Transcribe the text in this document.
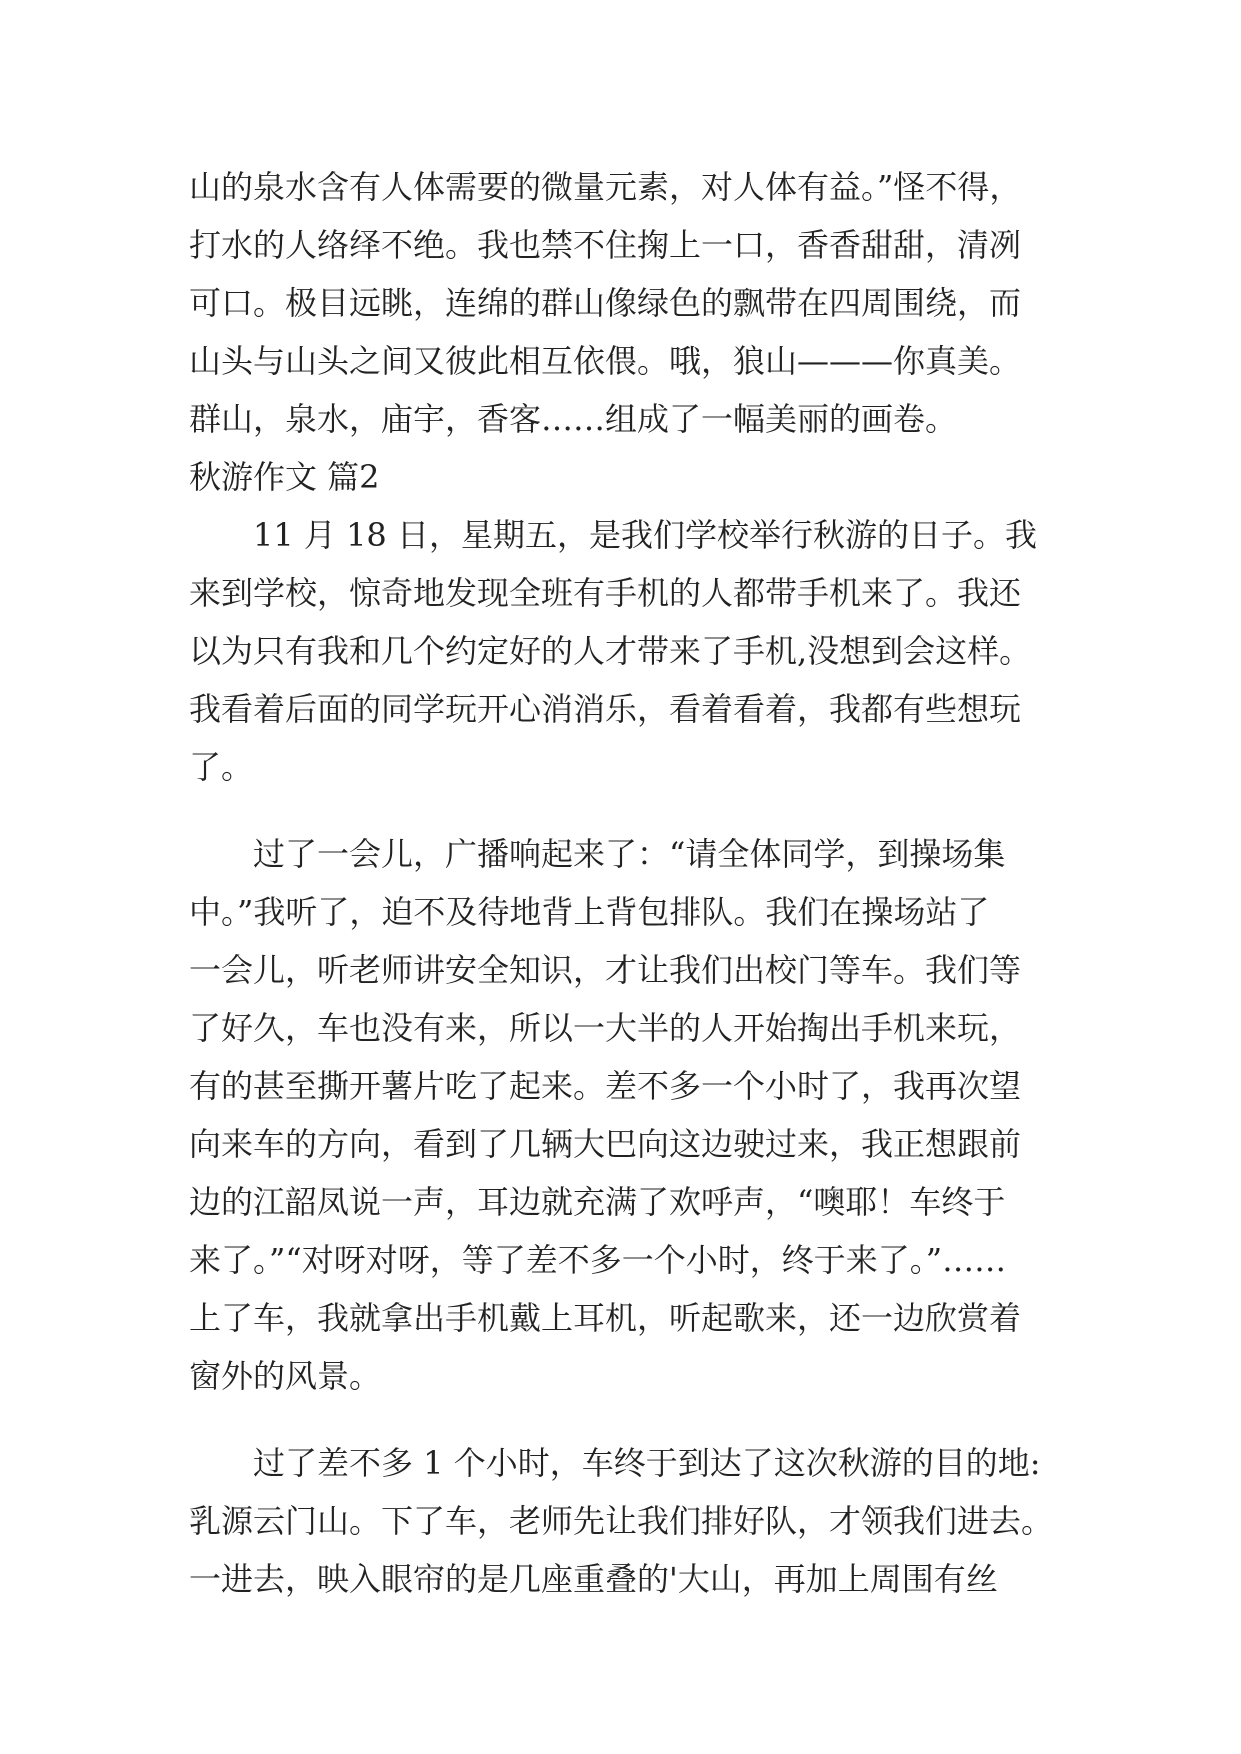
山的泉水含有人体需要的微量元素，对人体有益。”怪不得，
打水的人络绎不绝。我也禁不住掬上一口，香香甜甜，清冽
可口。极目远眺，连绵的群山像绿色的飘带在四周围绕，而
山头与山头之间又彼此相互依偎。哦，狼山———你真美。
群山，泉水，庙宇，香客……组成了一幅美丽的画卷。
秋游作文 篇2
11 月 18 日，星期五，是我们学校举行秋游的日子。我
来到学校，惊奇地发现全班有手机的人都带手机来了。我还
以为只有我和几个约定好的人才带来了手机,没想到会这样。
我看着后面的同学玩开心消消乐，看着看着，我都有些想玩
了。
过了一会儿，广播响起来了：“请全体同学，到操场集
中。”我听了，迫不及待地背上背包排队。我们在操场站了
一会儿，听老师讲安全知识，才让我们出校门等车。我们等
了好久，车也没有来，所以一大半的人开始掏出手机来玩，
有的甚至撕开薯片吃了起来。差不多一个小时了，我再次望
向来车的方向，看到了几辆大巴向这边驶过来，我正想跟前
边的江韶凤说一声，耳边就充满了欢呼声，“噢耶！车终于
来了。”“对呀对呀，等了差不多一个小时，终于来了。”……
上了车，我就拿出手机戴上耳机，听起歌来，还一边欣赏着
窗外的风景。
过了差不多 1 个小时，车终于到达了这次秋游的目的地:
乳源云门山。下了车，老师先让我们排好队，才领我们进去。
一进去，映入眼帘的是几座重叠的'大山，再加上周围有丝
